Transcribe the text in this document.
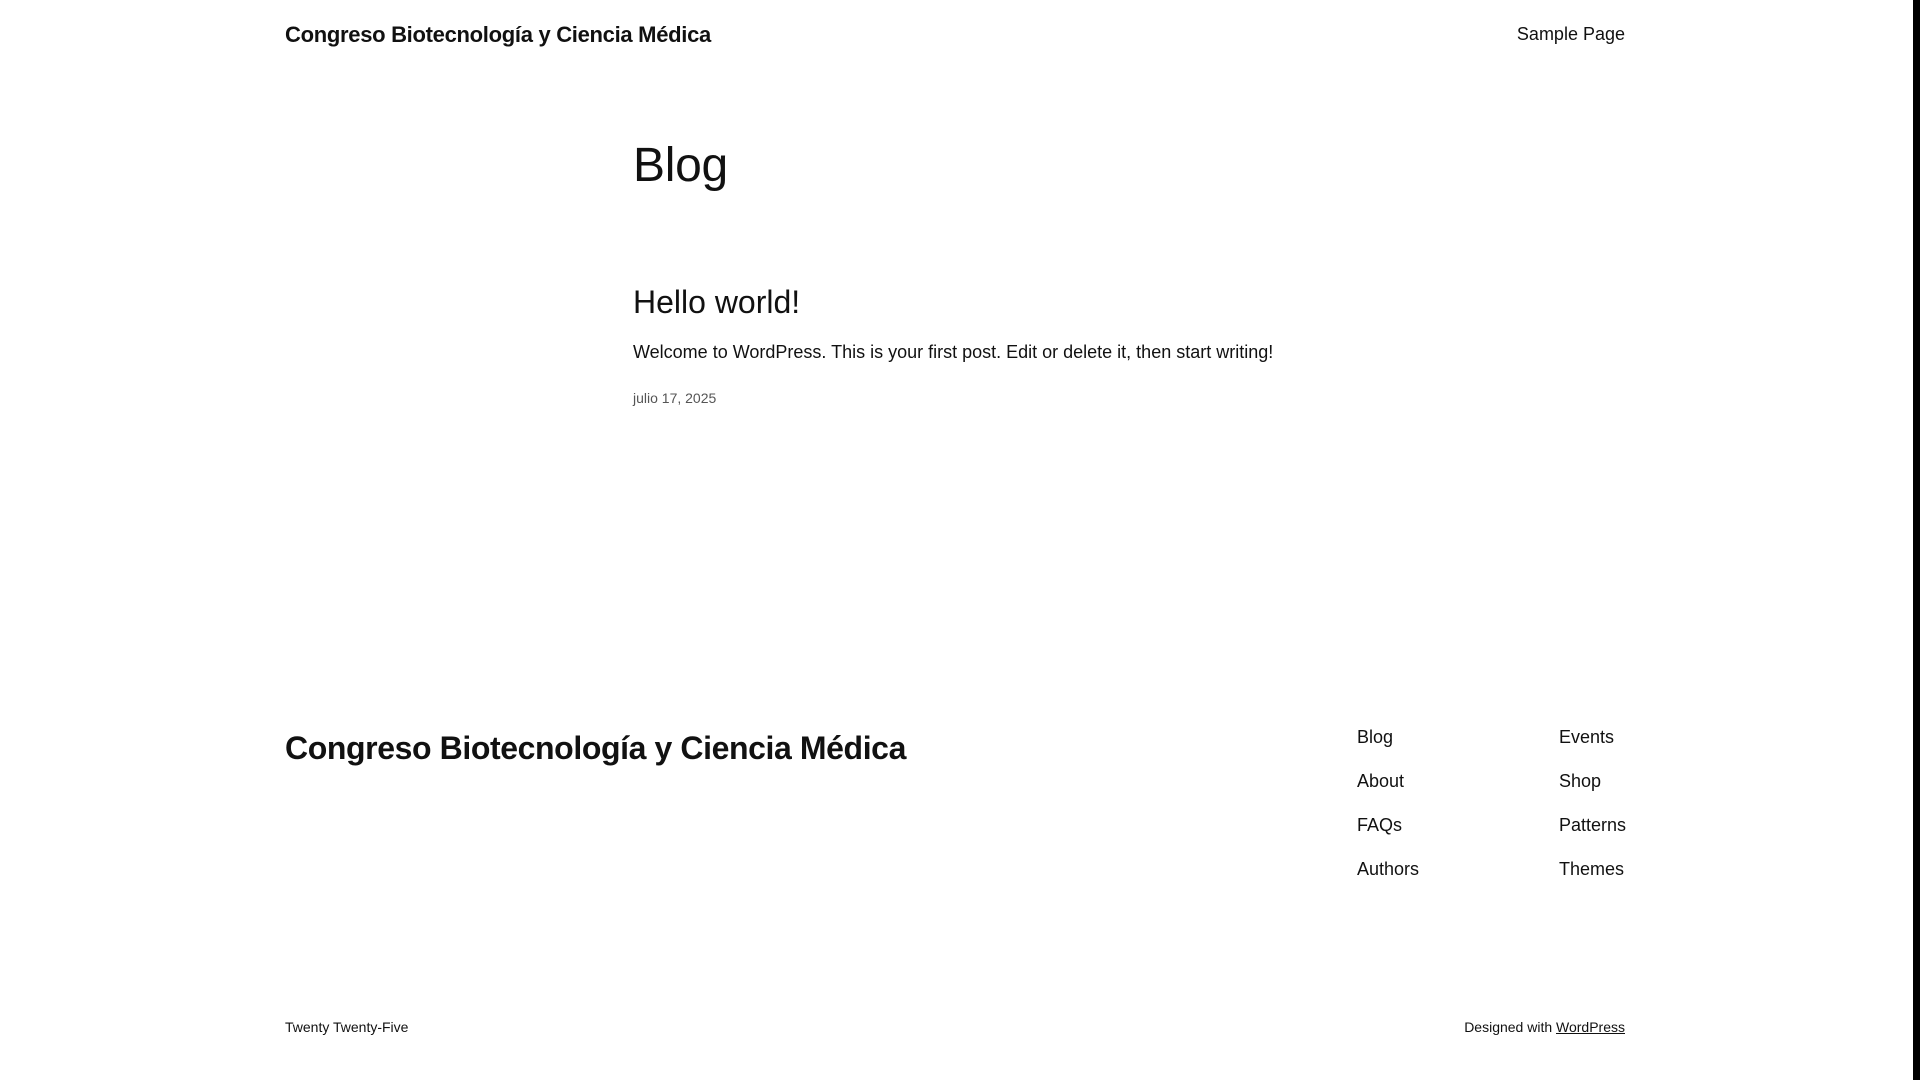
Congreso Biotecnología y Ciencia Médica	Sample Page
Blog
Hello world!

Welcome to WordPress. This is your first post. Edit or delete it, then start writing!

julio 17, 2025
Congreso Biotecnología y Ciencia Médica	Blog
About
FAQs
Authors
Events
Shop
Patterns
Themes
Twenty Twenty-Five	Designed with WordPress
